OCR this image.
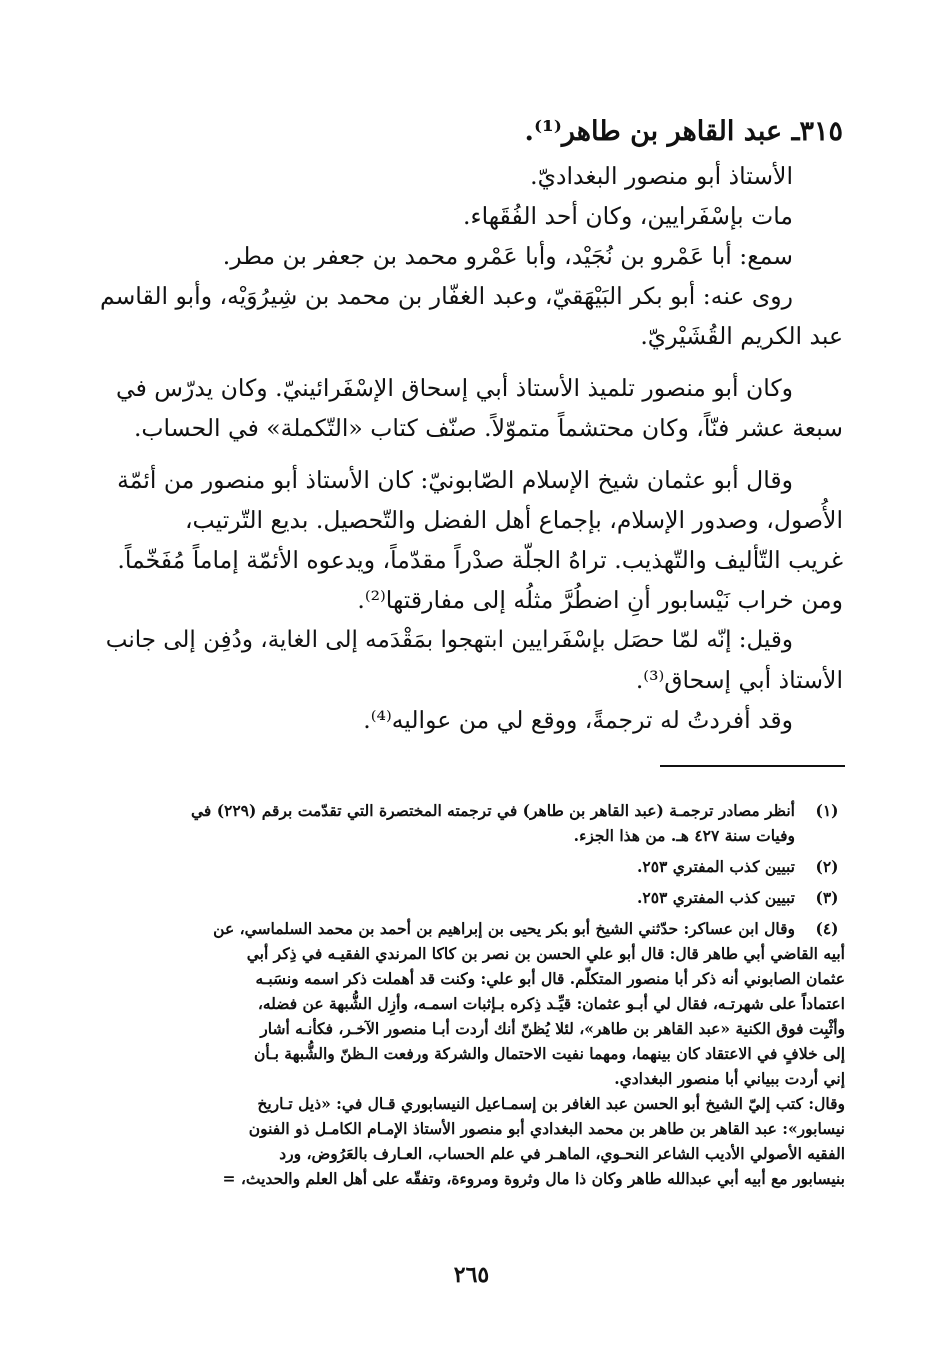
٣١٥ـ عبد القاهر بن طاهر⁽¹⁾.
الأستاذ أبو منصور البغداديّ.
مات بإسْفَرايين، وكان أحد الفُقَهاء.
سمع: أبا عَمْرو بن نُجَيْد، وأبا عَمْرو محمد بن جعفر بن مطر.
روى عنه: أبو بكر البَيْهَقيّ، وعبد الغفّار بن محمد بن شِيرُوَيْه، وأبو القاسم
عبد الكريم القُشَيْريّ.
وكان أبو منصور تلميذ الأستاذ أبي إسحاق الإسْفَرائينيّ. وكان يدرّس في
سبعة عشر فنّاً، وكان محتشماً متموّلاً. صنّف كتاب «التّكملة» في الحساب.
وقال أبو عثمان شيخ الإسلام الصّابونيّ: كان الأستاذ أبو منصور من أئمّة
الأُصول، وصدور الإسلام، بإجماع أهل الفضل والتّحصيل. بديع التّرتيب،
غريب التّأليف والتّهذيب. تراهُ الجلّة صدْراً مقدّماً، ويدعوه الأئمّة إماماً مُفَخّماً.
ومن خراب نَيْسابور أنِ اضطُرَّ مثلُه إلى مفارقتها⁽²⁾.
وقيل: إنّه لمّا حصَل بإسْفَرايين ابتهجوا بمَقْدَمه إلى الغاية، ودُفِن إلى جانب
الأستاذ أبي إسحاق⁽³⁾.
وقد أفردتُ له ترجمةً، ووقع لي من عواليه⁽⁴⁾.
(١)
أنظر مصادر ترجمـة (عبد القاهر بن طاهر) في ترجمته المختصرة التي تقدّمت برقم (٢٢٩) في
وفيات سنة ٤٢٧ هـ. من هذا الجزء.
(٢)
تبيين كذب المفتري ٢٥٣.
(٣)
تبيين كذب المفتري ٢٥٣.
(٤)
وقال ابن عساكر: حدّثني الشيخ أبو بكر يحيى بن إبراهيم بن أحمد بن محمد السلماسي، عن
أبيه القاضي أبي طاهر قال: قال أبو علي الحسن بن نصر بن كاكا المرندي الفقيـه في ذِكر أبي
عثمان الصابوني أنه ذكر أبا منصور المتكلّم. قال أبو علي: وكنت قد أهملت ذكر اسمه ونسَبـه
اعتماداً على شهرتـه، فقال لي أبـو عثمان: قيِّـد ذِكره بـإثبات اسمـه، وأزِل الشُّبهة عن فضله،
وأثْبِت فوق الكنية «عبد القاهر بن طاهر»، لئلا يُظنّ أنك أردت أبـا منصور الآخـر، فكأنـه أشار
إلى خلافٍ في الاعتقاد كان بينهما، ومهما نفيت الاحتمال والشركة ورفعت الـظنّ والشُّبهة بـأن
إني أردت ببياني أبا منصور البغدادي.
وقال: كتب إليّ الشيخ أبو الحسن عبد الغافر بن إسمـاعيل النيسابوري قـال في: «ذيل تـاريخ
نيسابور»: عبد القاهر بن طاهر بن محمد البغدادي أبو منصور الأستاذ الإمـام الكامـل ذو الفنون
الفقيه الأصولي الأديب الشاعر النحـوي، الماهـر في علم الحساب، العـارف بالعَرُوض، ورد
بنيسابور مع أبيه أبي عبدالله طاهر وكان ذا مال وثروة ومروءة، وتفقّه على أهل العلم والحديث، =
٢٦٥
